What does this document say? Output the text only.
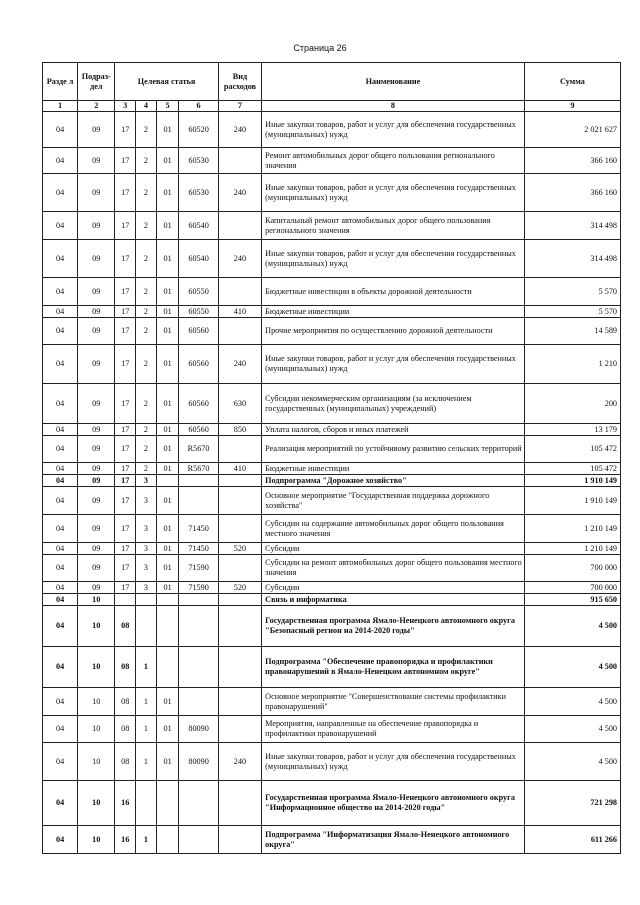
Страница 26
Разде л	Подраз-дел	Целевая статья				Вид расходов	Наименование	Сумма
1	2	3	4	5	6	7	8	9
04	09	17	2	01	60520	240	Иные закупки товаров, работ и услуг для обеспечения государственных (муниципальных) нужд	2 021 627
04	09	17	2	01	60530		Ремонт автомобильных дорог общего пользования регионального значения	366 160
04	09	17	2	01	60530	240	Иные закупки товаров, работ и услуг для обеспечения государственных (муниципальных) нужд	366 160
04	09	17	2	01	60540		Капитальный ремонт автомобильных дорог общего пользования регионального значения	314 498
04	09	17	2	01	60540	240	Иные закупки товаров, работ и услуг для обеспечения государственных (муниципальных) нужд	314 498
04	09	17	2	01	60550		Бюджетные инвестиции в объекты дорожной деятельности	5 570
04	09	17	2	01	60550	410	Бюджетные инвестиции	5 570
04	09	17	2	01	60560		Прочие мероприятия по осуществлению дорожной деятельности	14 589
04	09	17	2	01	60560	240	Иные закупки товаров, работ и услуг для обеспечения государственных (муниципальных) нужд	1 210
04	09	17	2	01	60560	630	Субсидии некоммерческим организациям (за исключением государственных (муниципальных) учреждений)	200
04	09	17	2	01	60560	850	Уплата налогов, сборов и иных платежей	13 179
04	09	17	2	01	R5670		Реализация мероприятий по устойчивому развитию сельских территорий	105 472
04	09	17	2	01	R5670	410	Бюджетные инвестиции	105 472
04	09	17	3				Подпрограмма "Дорожное хозяйство"	1 910 149
04	09	17	3	01			Основное мероприятие "Государственная поддержка дорожного хозяйства"	1 910 149
04	09	17	3	01	71450		Субсидии на содержание автомобильных дорог общего пользования местного значения	1 210 149
04	09	17	3	01	71450	520	Субсидии	1 210 149
04	09	17	3	01	71590		Субсидии на ремонт автомобильных дорог общего пользования местного значения	700 000
04	09	17	3	01	71590	520	Субсидии	700 000
04	10						Связь и информатика	915 650
04	10	08					Государственная программа Ямало-Ненецкого автономного округа "Безопасный регион на 2014-2020 годы"	4 500
04	10	08	1				Подпрограмма "Обеспечение правопорядка и профилактики правонарушений в Ямало-Ненецком автономном округе"	4 500
04	10	08	1	01			Основное мероприятие "Совершенствование системы профилактики правонарушений"	4 500
04	10	08	1	01	80090		Мероприятия, направленные на обеспечение правопорядка и профилактики правонарушений	4 500
04	10	08	1	01	80090	240	Иные закупки товаров, работ и услуг для обеспечения государственных (муниципальных) нужд	4 500
04	10	16					Государственная программа Ямало-Ненецкого автономного округа "Информационное общество на 2014-2020 годы"	721 298
04	10	16	1				Подпрограмма "Информатизация Ямало-Ненецкого автономного округа"	611 266
